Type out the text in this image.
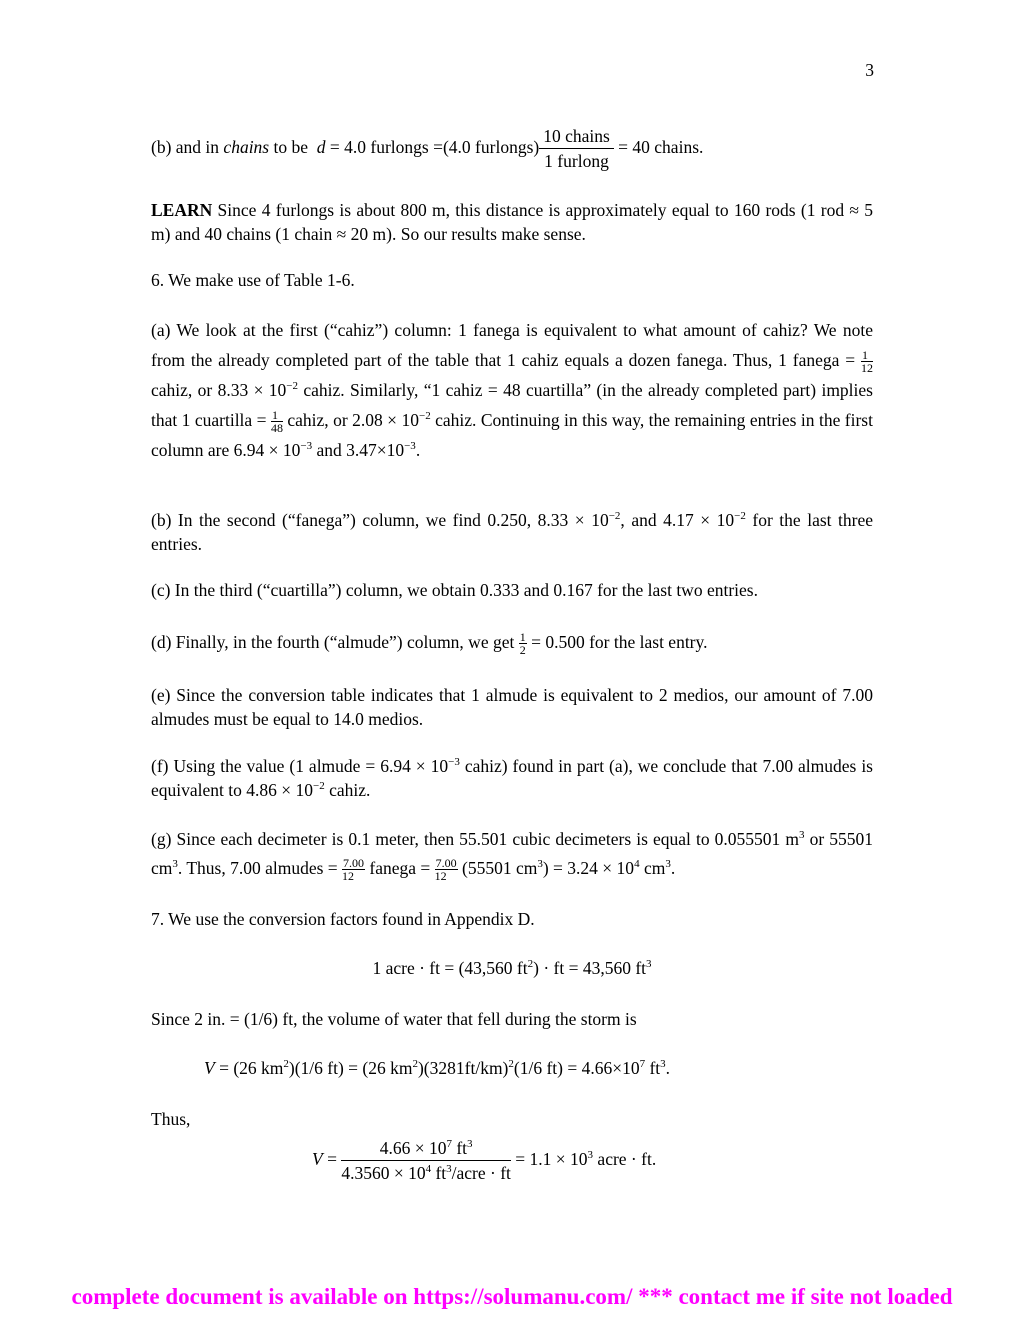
3
(b) and in chains to be d = 4.0 furlongs =(4.0 furlongs)
10 chains
1 furlong
= 40 chains.
LEARN Since 4 furlongs is about 800 m, this distance is approximately equal to 160 rods (1 rod ≈ 5 m) and 40 chains (1 chain ≈ 20 m). So our results make sense.
6. We make use of Table 1-6.
(a) We look at the first (“cahiz”) column: 1 fanega is equivalent to what amount of cahiz? We note from the already completed part of the table that 1 cahiz equals a dozen fanega. Thus, 1 fanega = $\frac{1}{12}$
cahiz, or $8.33 \times 10^{-2}$ cahiz. Similarly, “1 cahiz = 48 cuartilla” (in the already completed part) implies that 1 cuartilla = $\frac{1}{48}$ cahiz, or $2.08 \times 10^{-2}$ cahiz. Continuing in this way, the remaining entries in the first column are $6.94 \times 10^{-3}$ and $3.47\times 10^{-3}$.
(b) In the second (“fanega”) column, we find 0.250, $8.33 \times 10^{-2}$, and $4.17 \times 10^{-2}$ for the last three entries.
(c) In the third (“cuartilla”) column, we obtain 0.333 and 0.167 for the last two entries.
(d) Finally, in the fourth (“almude”) column, we get $\frac{1}{2} = 0.500$ for the last entry.
(e) Since the conversion table indicates that 1 almude is equivalent to 2 medios, our amount of 7.00 almudes must be equal to 14.0 medios.
(f) Using the value (1 almude = $6.94 \times 10^{-3}$ cahiz) found in part (a), we conclude that 7.00 almudes is equivalent to $4.86 \times 10^{-2}$ cahiz.
(g) Since each decimeter is 0.1 meter, then 55.501 cubic decimeters is equal to 0.055501 $m^3$ or 55501 $cm^3$. Thus, 7.00 almudes = $\frac{7.00}{12}$ fanega = $\frac{7.00}{12} (55501$ $cm^3) = 3.24 \times 10^4$ $cm^3$.
7. We use the conversion factors found in Appendix D.
1 acre · ft = (43,560 $ft^2$) · ft = 43,560 $ft^3$
Since 2 in. = (1/6) ft, the volume of water that fell during the storm is
V = (26 $km^2)(1/6$ ft) = (26 $km^2)(3281ft/km)^2(1/6$ $ft) = 4.66\times 10^7$ $ft^3$.
Thus,
V =
$4.66 \times 10^7$ $ft^3$
$4.3560 \times 10^4$ $ft^3$/acre · ft
= $1.1 \times 10^3$ acre · ft.
complete document is available on https://solumanu.com/ *** contact me if site not loaded
